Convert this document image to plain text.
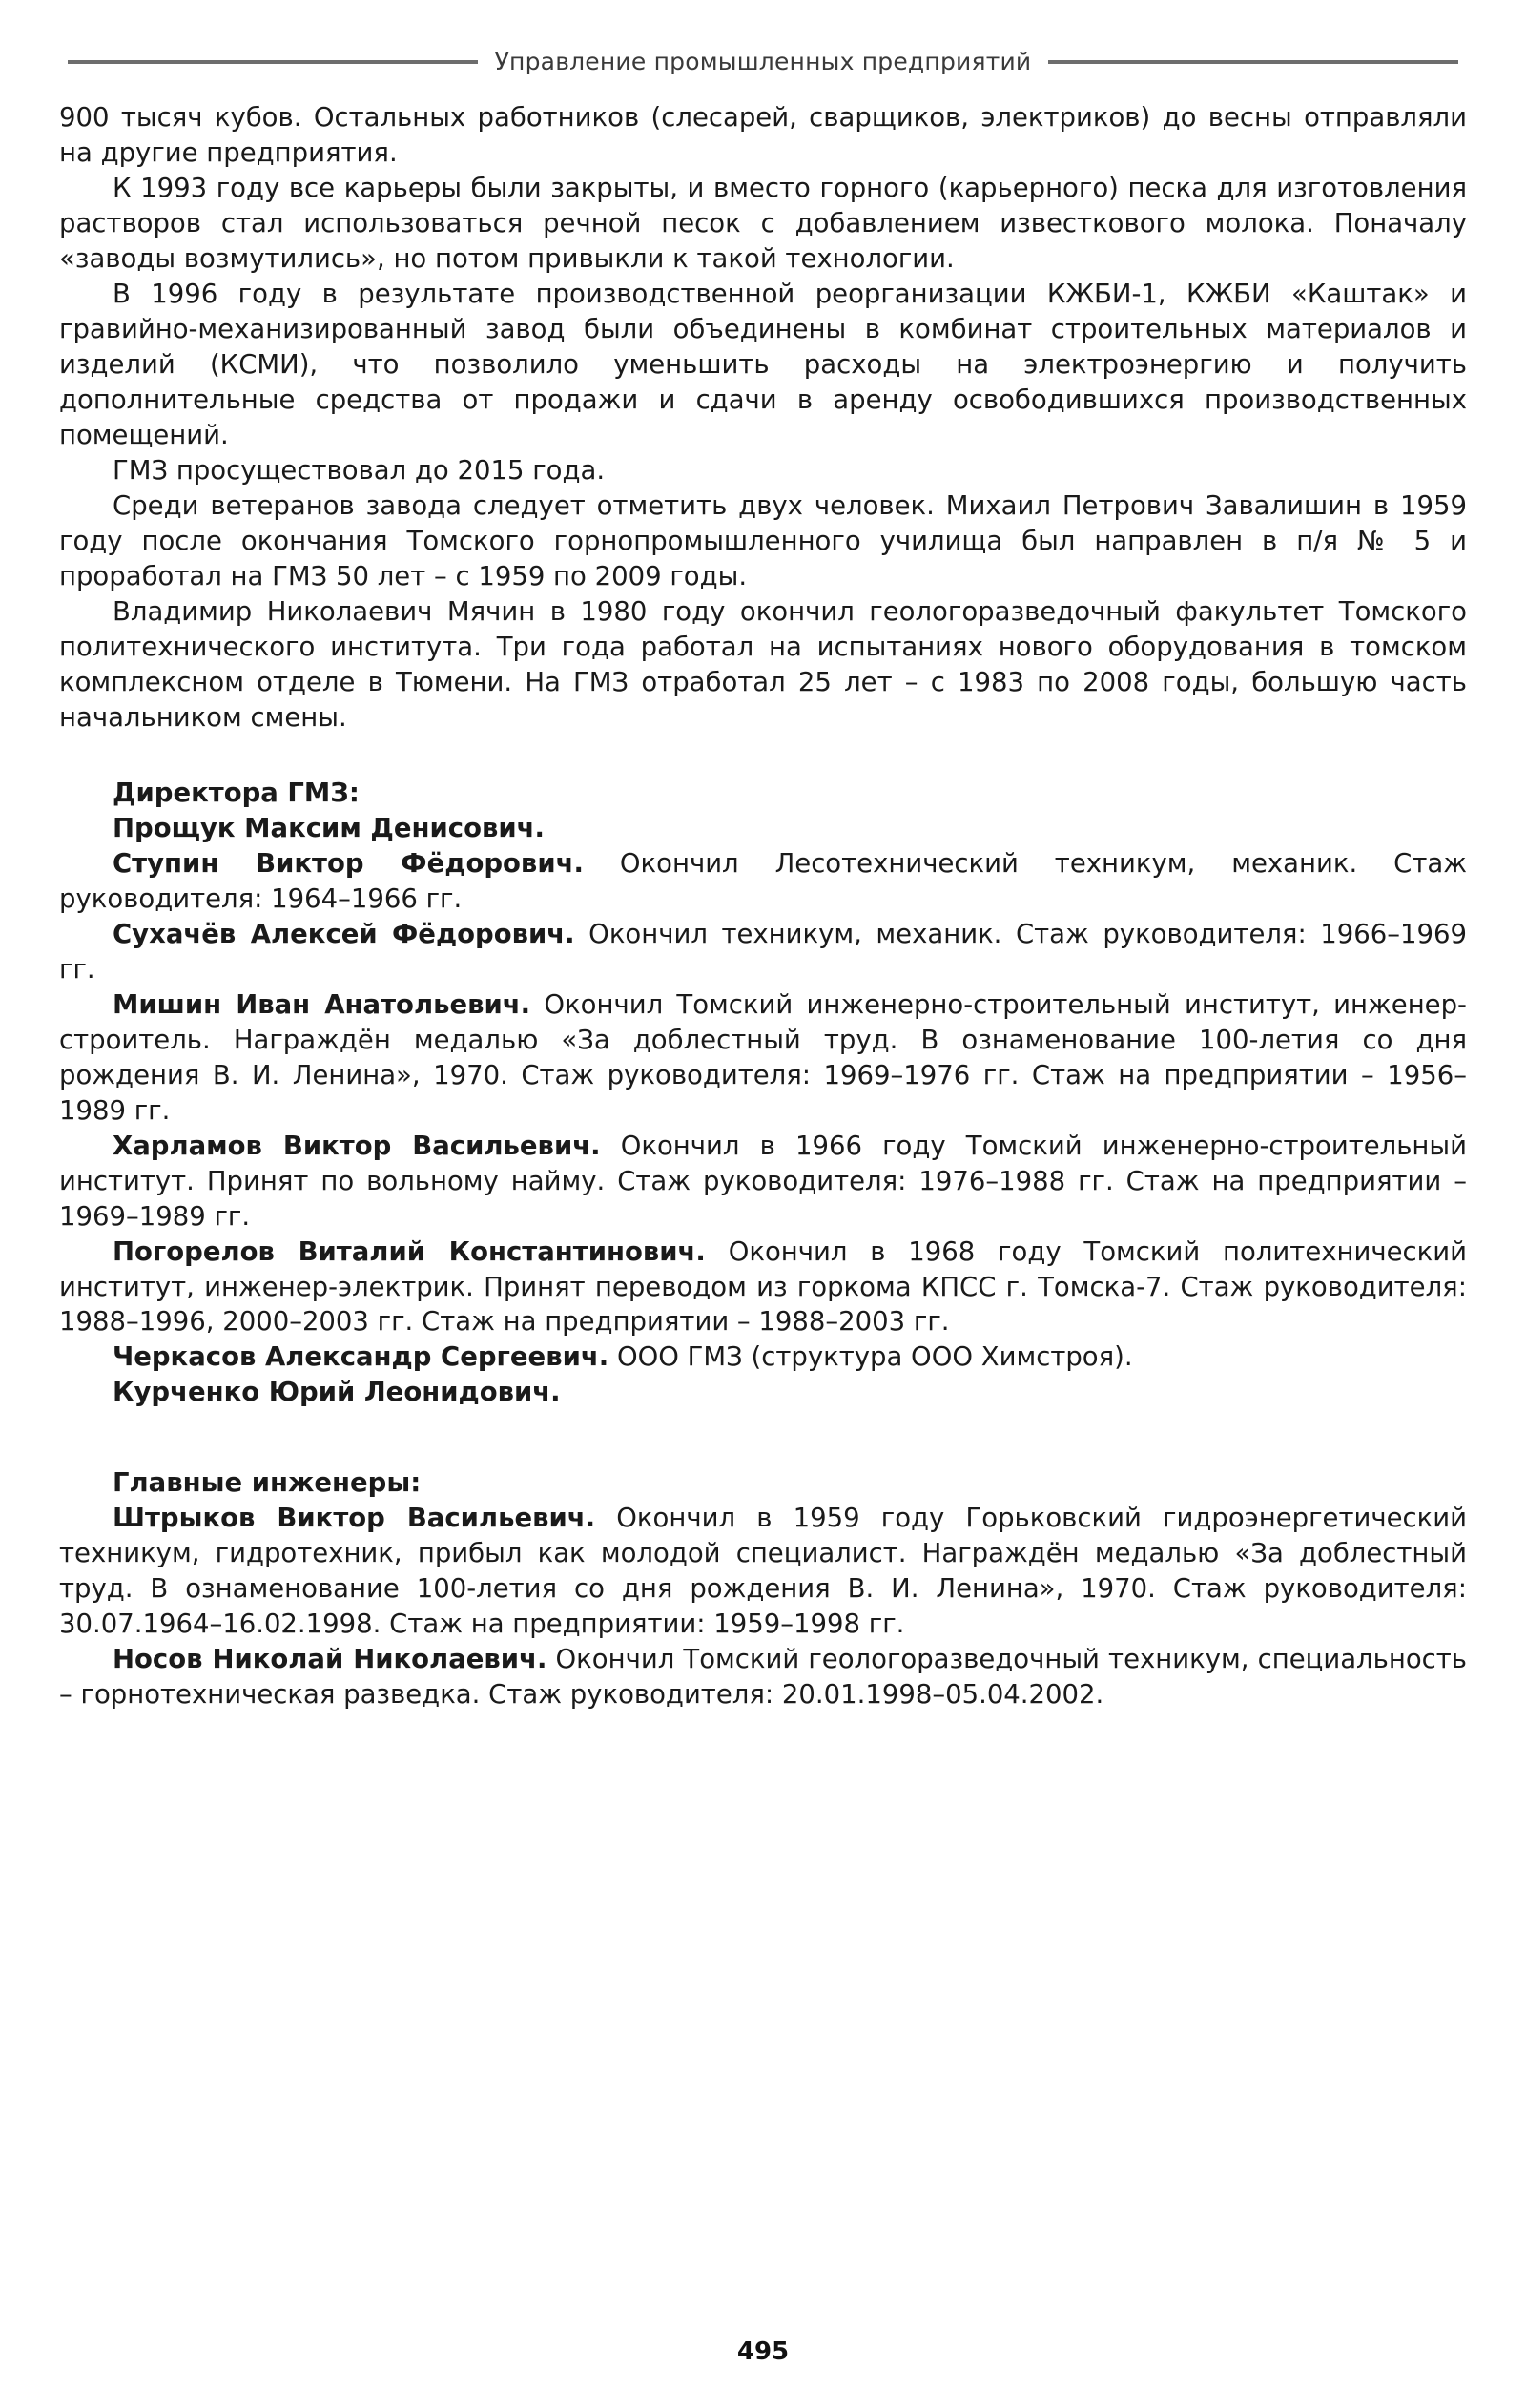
Управление промышленных предприятий

900 тысяч кубов. Остальных работников (слесарей, сварщиков, электриков) до весны отправляли на другие предприятия.

К 1993 году все карьеры были закрыты, и вместо горного (карьерного) песка для изготовления растворов стал использоваться речной песок с добавлением известкового молока. Поначалу «заводы возмутились», но потом привыкли к такой технологии.

В 1996 году в результате производственной реорганизации КЖБИ-1, КЖБИ «Каштак» и гравийно-механизированный завод были объединены в комбинат строительных материалов и изделий (КСМИ), что позволило уменьшить расходы на электроэнергию и получить дополнительные средства от продажи и сдачи в аренду освободившихся производственных помещений.

ГМЗ просуществовал до 2015 года.

Среди ветеранов завода следует отметить двух человек. Михаил Петрович Завалишин в 1959 году после окончания Томского горнопромышленного училища был направлен в п/я № 5 и проработал на ГМЗ 50 лет – с 1959 по 2009 годы.

Владимир Николаевич Мячин в 1980 году окончил геологоразведочный факультет Томского политехнического института. Три года работал на испытаниях нового оборудования в томском комплексном отделе в Тюмени. На ГМЗ отработал 25 лет – с 1983 по 2008 годы, большую часть начальником смены.

Директора ГМЗ:

Прощук Максим Денисович.

Ступин Виктор Фёдорович. Окончил Лесотехнический техникум, механик. Стаж руководителя: 1964–1966 гг.

Сухачёв Алексей Фёдорович. Окончил техникум, механик. Стаж руководителя: 1966–1969 гг.

Мишин Иван Анатольевич. Окончил Томский инженерно-строительный институт, инженер-строитель. Награждён медалью «За доблестный труд. В ознаменование 100-летия со дня рождения В. И. Ленина», 1970. Стаж руководителя: 1969–1976 гг. Стаж на предприятии – 1956–1989 гг.

Харламов Виктор Васильевич. Окончил в 1966 году Томский инженерно-строительный институт. Принят по вольному найму. Стаж руководителя: 1976–1988 гг. Стаж на предприятии – 1969–1989 гг.

Погорелов Виталий Константинович. Окончил в 1968 году Томский политехнический институт, инженер-электрик. Принят переводом из горкома КПСС г. Томска-7. Стаж руководителя: 1988–1996, 2000–2003 гг. Стаж на предприятии – 1988–2003 гг.

Черкасов Александр Сергеевич. ООО ГМЗ (структура ООО Химстроя).

Курченко Юрий Леонидович.

Главные инженеры:

Штрыков Виктор Васильевич. Окончил в 1959 году Горьковский гидроэнергетический техникум, гидротехник, прибыл как молодой специалист. Награждён медалью «За доблестный труд. В ознаменование 100-летия со дня рождения В. И. Ленина», 1970. Стаж руководителя: 30.07.1964–16.02.1998. Стаж на предприятии: 1959–1998 гг.

Носов Николай Николаевич. Окончил Томский геологоразведочный техникум, специальность – горнотехническая разведка. Стаж руководителя: 20.01.1998–05.04.2002.

495
